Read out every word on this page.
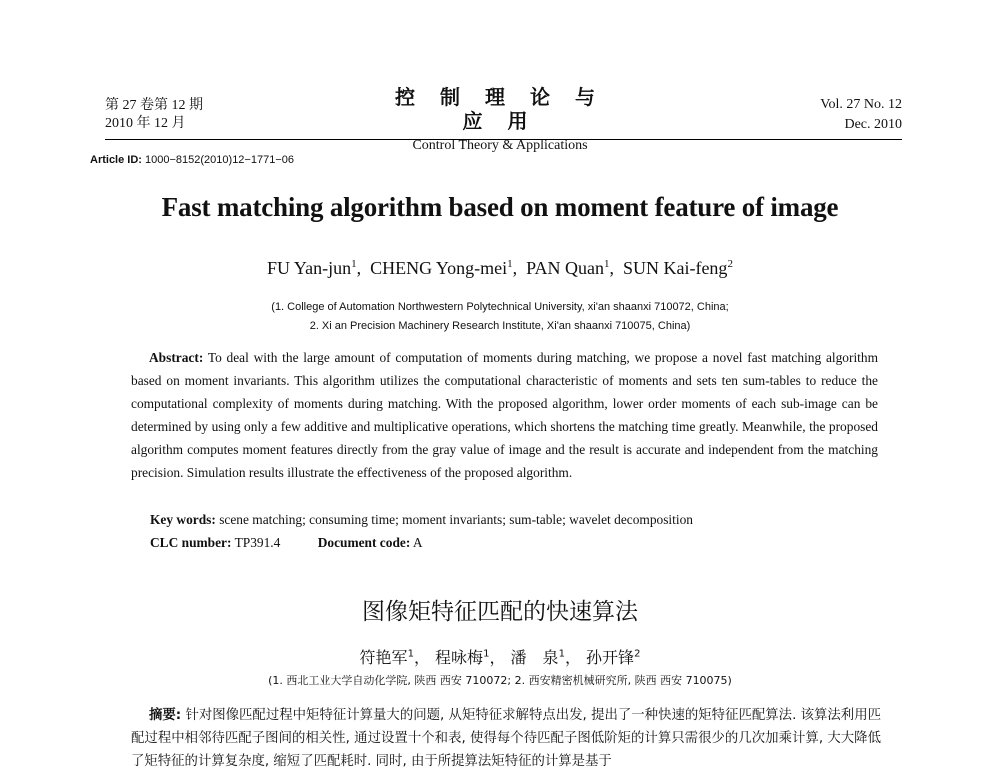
第 27 卷第 12 期
2010 年 12 月
控 制 理 论 与 应 用
Control Theory & Applications
Vol. 27 No. 12
Dec. 2010
Article ID: 1000−8152(2010)12−1771−06
Fast matching algorithm based on moment feature of image
FU Yan-jun$^1$,  CHENG Yong-mei$^1$,  PAN Quan$^1$,  SUN Kai-feng$^2$
(1. College of Automation Northwestern Polytechnical University, xi'an shaanxi 710072, China;
2. Xi an Precision Machinery Research Institute, Xi'an shaanxi 710075, China)
Abstract: To deal with the large amount of computation of moments during matching, we propose a novel fast matching algorithm based on moment invariants. This algorithm utilizes the computational characteristic of moments and sets ten sum-tables to reduce the computational complexity of moments during matching. With the proposed algorithm, lower order moments of each sub-image can be determined by using only a few additive and multiplicative operations, which shortens the matching time greatly. Meanwhile, the proposed algorithm computes moment features directly from the gray value of image and the result is accurate and independent from the matching precision. Simulation results illustrate the effectiveness of the proposed algorithm.
Key words: scene matching; consuming time; moment invariants; sum-table; wavelet decomposition
CLC number: TP391.4	Document code: A
图像矩特征匹配的快速算法
符艳军$^1$， 程咏梅$^1$， 潘　泉$^1$， 孙开锋$^2$
(1. 西北工业大学自动化学院, 陕西 西安 710072; 2. 西安精密机械研究所, 陕西 西安 710075)
摘要: 针对图像匹配过程中矩特征计算量大的问题, 从矩特征求解特点出发, 提出了一种快速的矩特征匹配算法. 该算法利用匹配过程中相邻待匹配子图间的相关性, 通过设置十个和表, 使得每个待匹配子图低阶矩的计算只需很少的几次加乘计算, 大大降低了矩特征的计算复杂度, 缩短了匹配耗时. 同时, 由于所提算法矩特征的计算是基于
